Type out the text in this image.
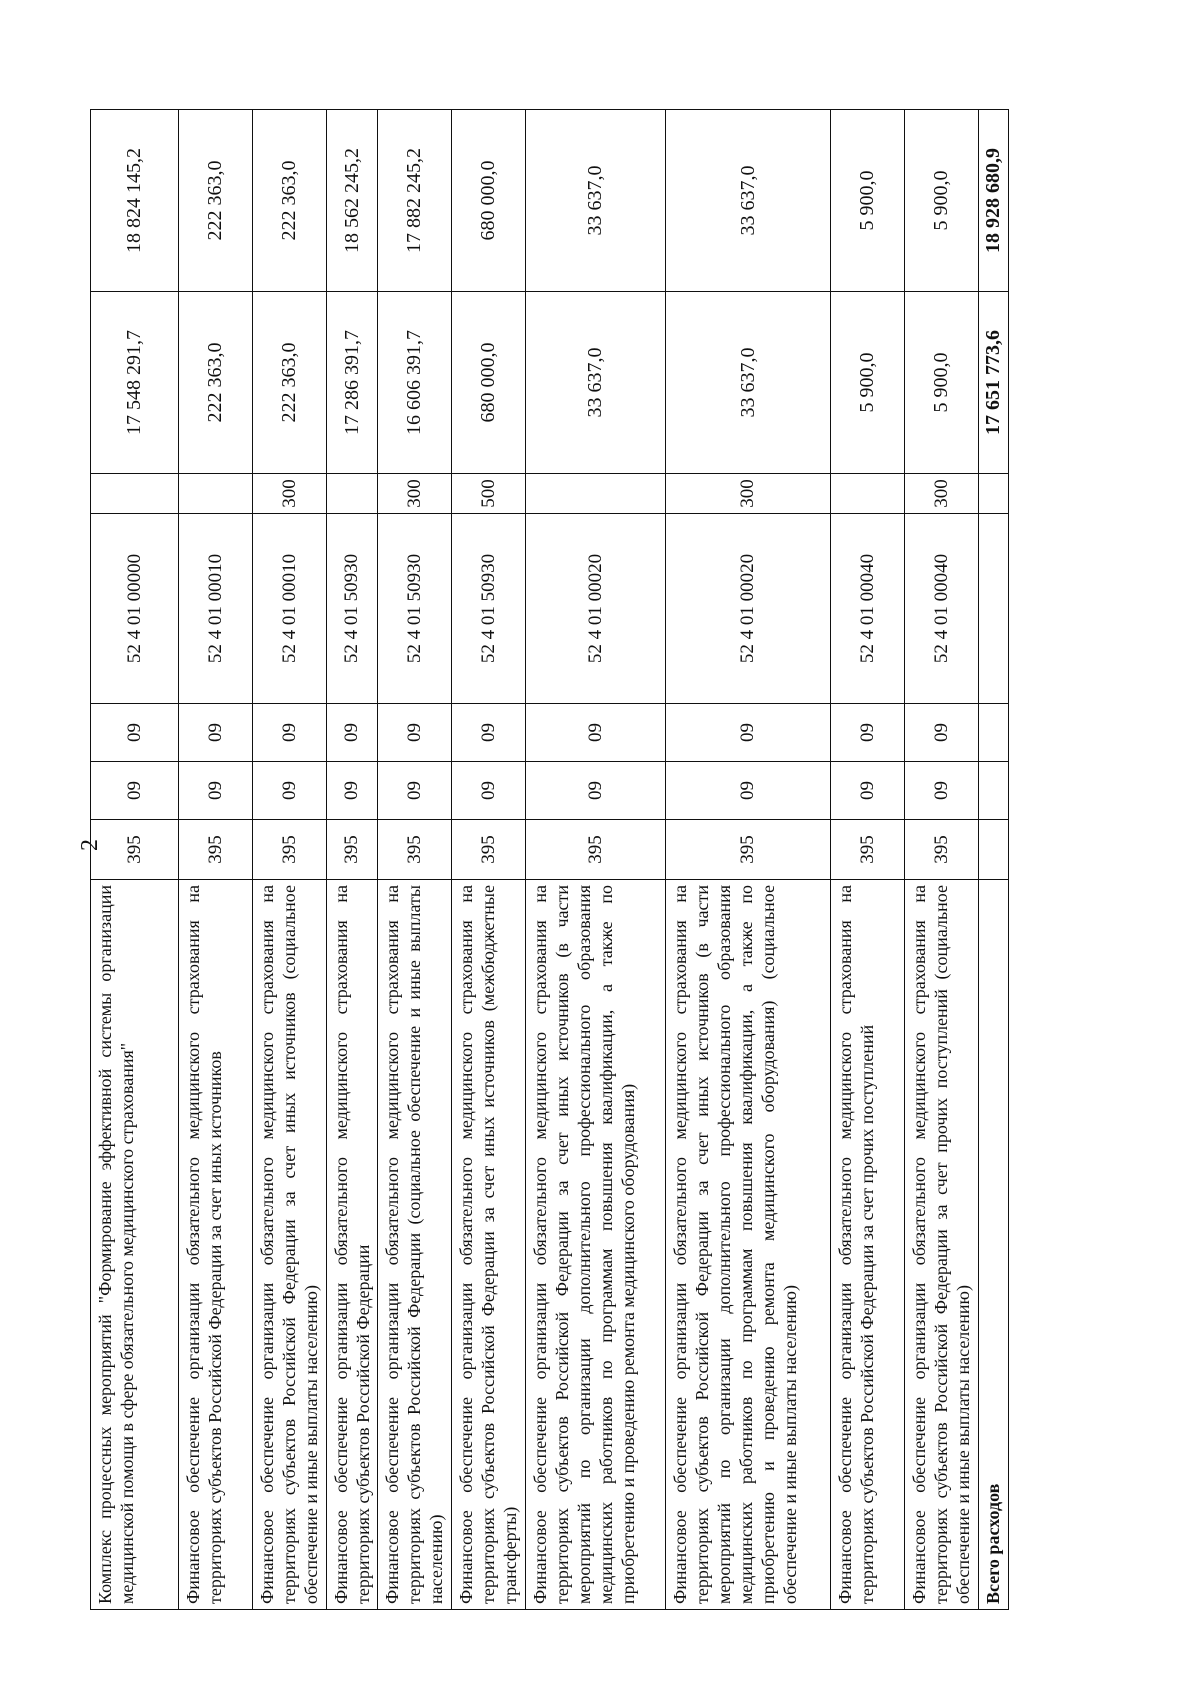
2
Комплекс процессных мероприятий "Формирование эффективной системы организации медицинской помощи в сфере обязательного медицинского страхования"	395	09	09	52 4 01 00000		17 548 291,7	18 824 145,2
Финансовое обеспечение организации обязательного медицинского страхования на территориях субъектов Российской Федерации за счет иных источников	395	09	09	52 4 01 00010		222 363,0	222 363,0
Финансовое обеспечение организации обязательного медицинского страхования на территориях субъектов Российской Федерации за счет иных источников (социальное обеспечение и иные выплаты населению)	395	09	09	52 4 01 00010	300	222 363,0	222 363,0
Финансовое обеспечение организации обязательного медицинского страхования на территориях субъектов Российской Федерации	395	09	09	52 4 01 50930		17 286 391,7	18 562 245,2
Финансовое обеспечение организации обязательного медицинского страхования на территориях субъектов Российской Федерации (социальное обеспечение и иные выплаты населению)	395	09	09	52 4 01 50930	300	16 606 391,7	17 882 245,2
Финансовое обеспечение организации обязательного медицинского страхования на территориях субъектов Российской Федерации за счет иных источников (межбюджетные трансферты)	395	09	09	52 4 01 50930	500	680 000,0	680 000,0
Финансовое обеспечение организации обязательного медицинского страхования на территориях субъектов Российской Федерации за счет иных источников (в части мероприятий по организации дополнительного профессионального образования медицинских работников по программам повышения квалификации, а также по приобретению и проведению ремонта медицинского оборудования)	395	09	09	52 4 01 00020		33 637,0	33 637,0
Финансовое обеспечение организации обязательного медицинского страхования на территориях субъектов Российской Федерации за счет иных источников (в части мероприятий по организации дополнительного профессионального образования медицинских работников по программам повышения квалификации, а также по приобретению и проведению ремонта медицинского оборудования) (социальное обеспечение и иные выплаты населению)	395	09	09	52 4 01 00020	300	33 637,0	33 637,0
Финансовое обеспечение организации обязательного медицинского страхования на территориях субъектов Российской Федерации за счет прочих поступлений	395	09	09	52 4 01 00040		5 900,0	5 900,0
Финансовое обеспечение организации обязательного медицинского страхования на территориях субъектов Российской Федерации за счет прочих поступлений (социальное обеспечение и иные выплаты населению)	395	09	09	52 4 01 00040	300	5 900,0	5 900,0
Всего расходов						17 651 773,6	18 928 680,9
